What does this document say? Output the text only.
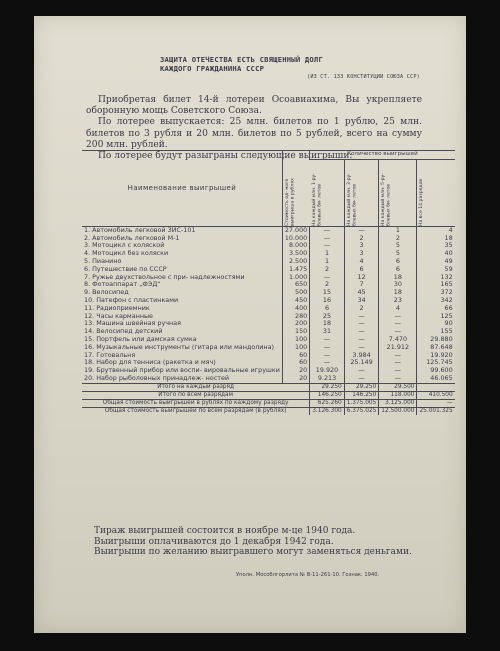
ЗАЩИТА ОТЕЧЕСТВА ЕСТЬ СВЯЩЕННЫЙ ДОЛГ
КАЖДОГО ГРАЖДАНИНА СССР
(ИЗ СТ. 133 КОНСТИТУЦИИ СОЮЗА ССР)

Приобретая билет 14-й лотереи Осоавиахима, Вы укрепляете оборонную мощь Советского Союза.

По лотерее выпускается: 25 млн. билетов по 1 рублю, 25 млн. билетов по 3 рубля и 20 млн. билетов по 5 рублей, всего на сумму 200 млн. рублей.

По лотерее будут разыграны следующие выигрыши:

Наименование выигрышей	Стоимость од- ного выигрыша в рублях	Количество выигрышей			

		На каждый млн. 1-ру- блевых би- летов	На каждый млн. 3-ру- блевых би- летов	На каждый млн. 5-ру- блевых би- летов	На все 14 разрядов

1. Автомобиль легковой ЗИС-101	27.000	—	—	1	4
2. Автомобиль легковой М-1	10.000	—	2	2	18
3. Мотоцикл с коляской	8.000	—	3	5	35
4. Мотоцикл без коляски	3.500	1	3	5	40
5. Пианино	2.500	1	4	6	49
6. Путешествие по СССР	1.475	2	6	6	59
7. Ружье двухствольное с при- надлежностями	1.000	—	12	18	132
8. Фотоаппарат „ФЭД“	650	2	7	30	165
9. Велосипед	500	15	45	18	372
10. Патефон с пластинками	450	16	34	23	342
11. Радиоприемник	400	6	2	4	66
12. Часы карманные	280	25	—	—	125
13. Машина швейная ручная	200	18	—	—	90
14. Велосипед детский	150	31	—	—	155
15. Портфель или дамская сумка	100	—	—	7.470	29.880
16. Музыкальные инструменты (гитара или мандолина)	100	—	—	21.912	87.648
17. Готовальня	60	—	3.984	—	19.920
18. Набор для тенниса (ракетка и мяч)	60	—	25.149	—	125.745
19. Брутвенный прибор или воспи- вировальные игрушки	20	19.920	—	—	99.600
20. Набор рыболовных принадлеж- ностей	20	9.213	—	—	46.065
Итого на каждый разряд		29.250	29.250	29.500	
Итого по всем разрядам		146.250	146.250	118.000	410.500
Общая стоимость выигрышей в рублях по каждому разряду		625.260	1.375.005	3.125.000	—
Общая стоимость выигрышей по всем разрядам (в рублях)		3.126.300	6.375.025	12.500.000	25.001.325

Тираж выигрышей состоится в ноябре м-це 1940 года.

Выигрыши оплачиваются до 1 декабря 1942 года.

Выигрыши по желанию выигравшего могут заменяться деньгами.

Уполн. Мособлгорлита № В-11-261-10. Гознак. 1940.
